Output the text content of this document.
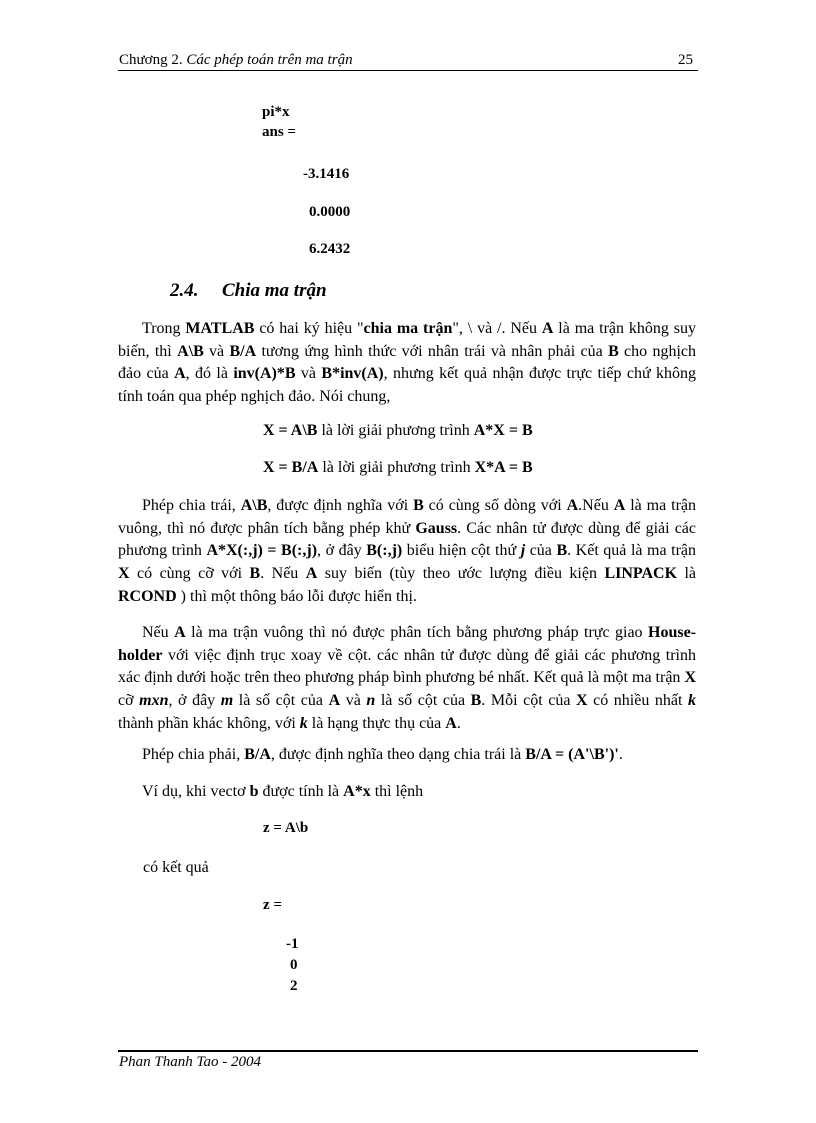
Chương 2. Các phép toán trên ma trận	25
pi*x
ans =
-3.1416
0.0000
6.2432
2.4. Chia ma trận
Trong MATLAB có hai ký hiệu "chia ma trận", \ và /. Nếu A là ma trận không suy biến, thì A\B và B/A tương ứng hình thức với nhân trái và nhân phải của B cho nghịch đảo của A, đó là inv(A)*B và B*inv(A), nhưng kết quả nhận được trực tiếp chứ không tính toán qua phép nghịch đảo. Nói chung,
X = A\B là lời giải phương trình A*X = B
X = B/A là lời giải phương trình X*A = B
Phép chia trái, A\B, được định nghĩa với B có cùng số dòng với A.Nếu A là ma trận vuông, thì nó được phân tích bằng phép khử Gauss. Các nhân tử được dùng để giải các phương trình A*X(:,j) = B(:,j), ở đây B(:,j) biểu hiện cột thứ j của B. Kết quả là ma trận X có cùng cỡ với B. Nếu A suy biến (tùy theo ước lượng điều kiện LINPACK là RCOND ) thì một thông báo lỗi được hiển thị.
Nếu A là ma trận vuông thì nó được phân tích bằng phương pháp trực giao House-holder với việc định trục xoay về cột. các nhân tử được dùng để giải các phương trình xác định dưới hoặc trên theo phương pháp bình phương bé nhất. Kết quả là một ma trận X cỡ mxn, ở đây m là số cột của A và n là số cột của B. Mỗi cột của X có nhiều nhất k thành phần khác không, với k là hạng thực thụ của A.
Phép chia phải, B/A, được định nghĩa theo dạng chia trái là B/A = (A'\B')'.
Ví dụ, khi vectơ b được tính là A*x thì lệnh
z = A\b
có kết quả
z =
-1
0
2
Phan Thanh Tao - 2004
